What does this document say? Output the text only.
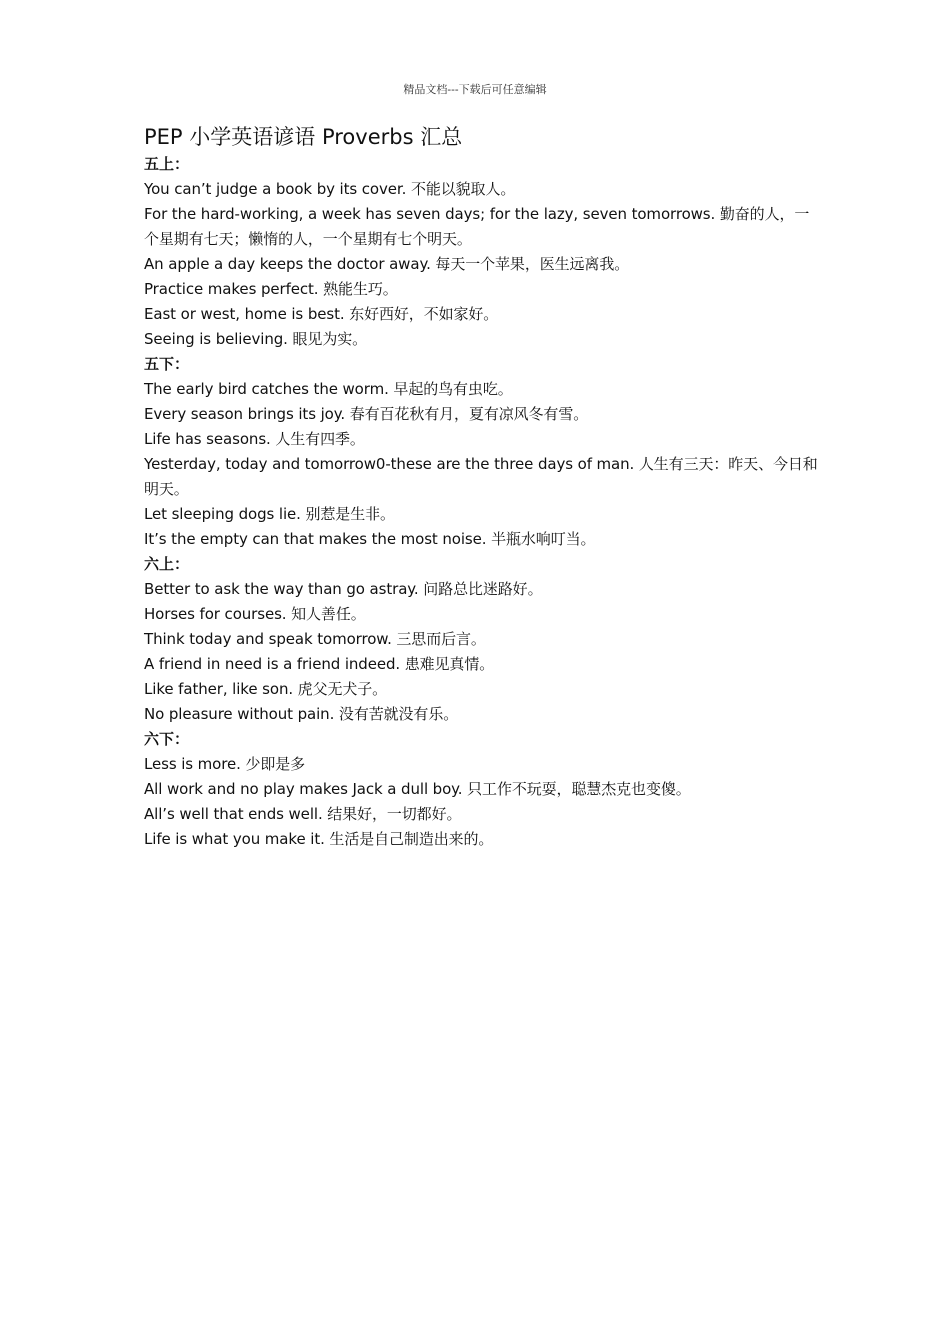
精品文档---下载后可任意编辑
PEP 小学英语谚语 Proverbs 汇总

五上：

You can’t judge a book by its cover. 不能以貌取人。

For the hard-working, a week has seven days; for the lazy, seven tomorrows. 勤奋的人，一个星期有七天；懒惰的人，一个星期有七个明天。

An apple a day keeps the doctor away. 每天一个苹果，医生远离我。

Practice makes perfect. 熟能生巧。

East or west, home is best. 东好西好，不如家好。

Seeing is believing. 眼见为实。

五下：

The early bird catches the worm. 早起的鸟有虫吃。

Every season brings its joy. 春有百花秋有月，夏有凉风冬有雪。

Life has seasons. 人生有四季。

Yesterday, today and tomorrow0-these are the three days of man. 人生有三天：昨天、今日和明天。

Let sleeping dogs lie. 别惹是生非。

It’s the empty can that makes the most noise. 半瓶水响叮当。

六上：

Better to ask the way than go astray. 问路总比迷路好。

Horses for courses. 知人善任。

Think today and speak tomorrow. 三思而后言。

A friend in need is a friend indeed. 患难见真情。

Like father, like son. 虎父无犬子。

No pleasure without pain. 没有苦就没有乐。

六下：

Less is more. 少即是多

All work and no play makes Jack a dull boy. 只工作不玩耍，聪慧杰克也变傻。

All’s well that ends well. 结果好，一切都好。

Life is what you make it. 生活是自己制造出来的。
